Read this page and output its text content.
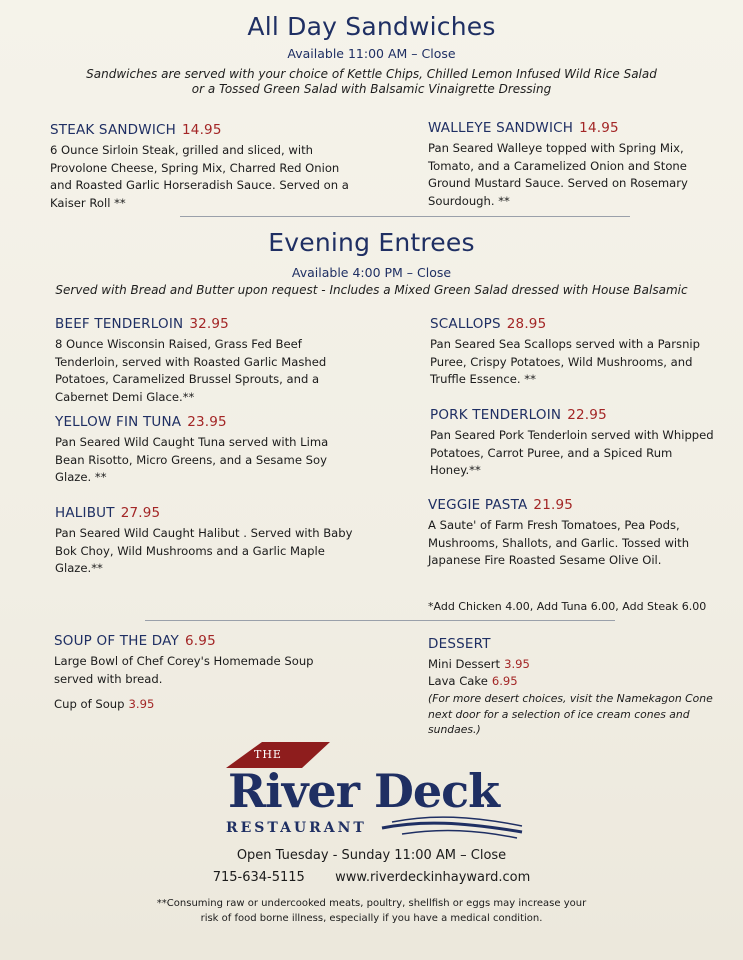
All Day Sandwiches
Available 11:00 AM – Close
Sandwiches are served with your choice of Kettle Chips, Chilled Lemon Infused Wild Rice Salad
or a Tossed Green Salad with Balsamic Vinaigrette Dressing
STEAK SANDWICH 14.95
6 Ounce Sirloin Steak, grilled and sliced, with
Provolone Cheese, Spring Mix, Charred Red Onion
and Roasted Garlic Horseradish Sauce. Served on a
Kaiser Roll **
WALLEYE SANDWICH 14.95
Pan Seared Walleye topped with Spring Mix,
Tomato, and a Caramelized Onion and Stone
Ground Mustard Sauce. Served on Rosemary
Sourdough. **
Evening Entrees
Available 4:00 PM – Close
Served with Bread and Butter upon request - Includes a Mixed Green Salad dressed with House Balsamic
BEEF TENDERLOIN 32.95
8 Ounce Wisconsin Raised, Grass Fed Beef
Tenderloin, served with Roasted Garlic Mashed
Potatoes, Caramelized Brussel Sprouts, and a
Cabernet Demi Glace.**
YELLOW FIN TUNA 23.95
Pan Seared Wild Caught Tuna served with Lima
Bean Risotto, Micro Greens, and a Sesame Soy
Glaze. **
HALIBUT 27.95
Pan Seared Wild Caught Halibut . Served with Baby
Bok Choy, Wild Mushrooms and a Garlic Maple
Glaze.**
SCALLOPS 28.95
Pan Seared Sea Scallops served with a Parsnip
Puree, Crispy Potatoes, Wild Mushrooms, and
Truffle Essence. **
PORK TENDERLOIN 22.95
Pan Seared Pork Tenderloin served with Whipped
Potatoes, Carrot Puree, and a Spiced Rum
Honey.**
VEGGIE PASTA 21.95
A Saute' of Farm Fresh Tomatoes, Pea Pods,
Mushrooms, Shallots, and Garlic. Tossed with
Japanese Fire Roasted Sesame Olive Oil.
*Add Chicken 4.00, Add Tuna 6.00, Add Steak 6.00
SOUP OF THE DAY 6.95
Large Bowl of Chef Corey's Homemade Soup
served with bread.
Cup of Soup 3.95
DESSERT
Mini Dessert 3.95
Lava Cake 6.95
(For more desert choices, visit the Namekagon Cone
next door for a selection of ice cream cones and
sundaes.)
THE
River Deck
RESTAURANT
Open Tuesday - Sunday 11:00 AM – Close
715-634-5115 www.riverdeckinhayward.com
**Consuming raw or undercooked meats, poultry, shellfish or eggs may increase your
risk of food borne illness, especially if you have a medical condition.
